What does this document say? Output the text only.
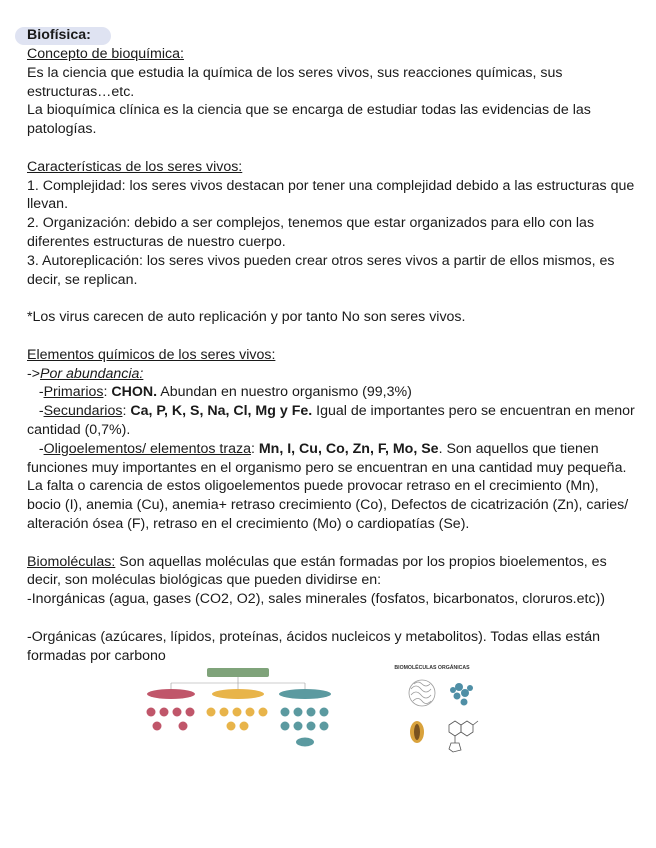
Biofísica:

Concepto de bioquímica:

Es la ciencia que estudia la química de los seres vivos, sus reacciones químicas, sus estructuras…etc.

La bioquímica clínica es la ciencia que se encarga de estudiar todas las evidencias de las patologías.

Características de los seres vivos:

1. Complejidad: los seres vivos destacan por tener una complejidad debido a las estructuras que llevan.

2. Organización: debido a ser complejos, tenemos que estar organizados para ello con las diferentes estructuras de nuestro cuerpo.

3. Autoreplicación: los seres vivos pueden crear otros seres vivos a partir de ellos mismos, es decir, se replican.

*Los virus carecen de auto replicación y por tanto No son seres vivos.

Elementos químicos de los seres vivos:

->Por abundancia:

-Primarios: CHON. Abundan en nuestro organismo (99,3%)

-Secundarios: Ca, P, K, S, Na, Cl, Mg y Fe. Igual de importantes pero se encuentran en menor cantidad (0,7%).

-Oligoelementos/ elementos traza: Mn, I, Cu, Co, Zn, F, Mo, Se. Son aquellos que tienen funciones muy importantes en el organismo pero se encuentran en una cantidad muy pequeña.

La falta o carencia de estos oligoelementos puede provocar retraso en el crecimiento (Mn), bocio (I), anemia (Cu), anemia+ retraso crecimiento (Co), Defectos de cicatrización (Zn), caries/ alteración ósea (F), retraso en el crecimiento (Mo) o cardiopatías (Se).

Biomoléculas: Son aquellas moléculas que están formadas por los propios bioelementos, es decir, son moléculas biológicas que pueden dividirse en:

-Inorgánicas (agua, gases (CO2, O2), sales minerales (fosfatos, bicarbonatos, cloruros.etc))

-Orgánicas (azúcares, lípidos, proteínas, ácidos nucleicos y metabolitos). Todas ellas están formadas por carbono

BIOMOLÉCULAS ORGÁNICAS
